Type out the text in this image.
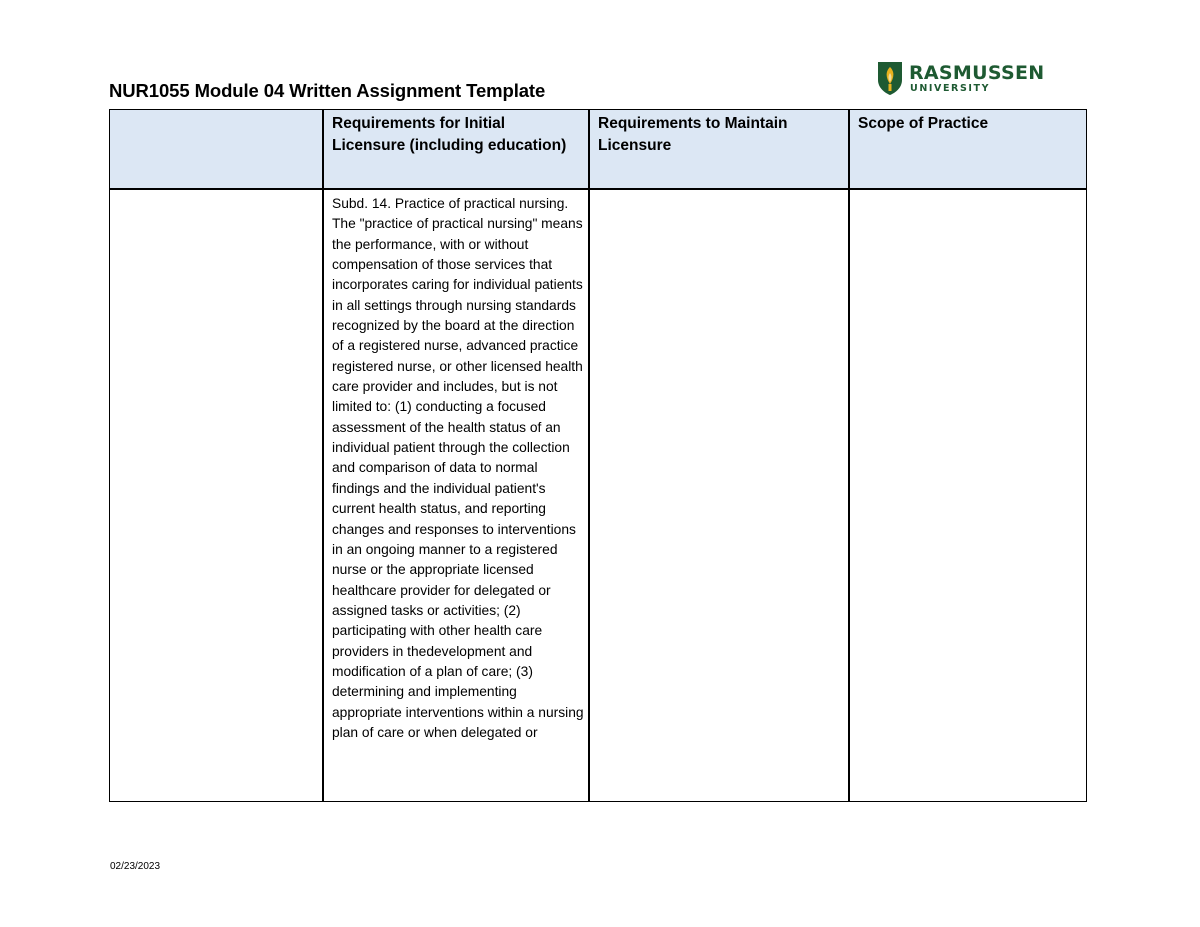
NUR1055 Module 04 Written Assignment Template
RASMUSSEN
UNIVERSITY
Requirements for Initial Licensure (including education)
Requirements to Maintain Licensure
Scope of Practice
Subd. 14. Practice of practical nursing. The "practice of practical nursing" means the performance, with or without compensation of those services that incorporates caring for individual patients in all settings through nursing standards recognized by the board at the direction of a registered nurse, advanced practice registered nurse, or other licensed health care provider and includes, but is not limited to: (1) conducting a focused assessment of the health status of an individual patient through the collection and comparison of data to normal findings and the individual patient's current health status, and reporting changes and responses to interventions in an ongoing manner to a registered nurse or the appropriate licensed healthcare provider for delegated or assigned tasks or activities; (2) participating with other health care providers in thedevelopment and modification of a plan of care; (3) determining and implementing appropriate interventions within a nursing plan of care or when delegated or
02/23/2023
